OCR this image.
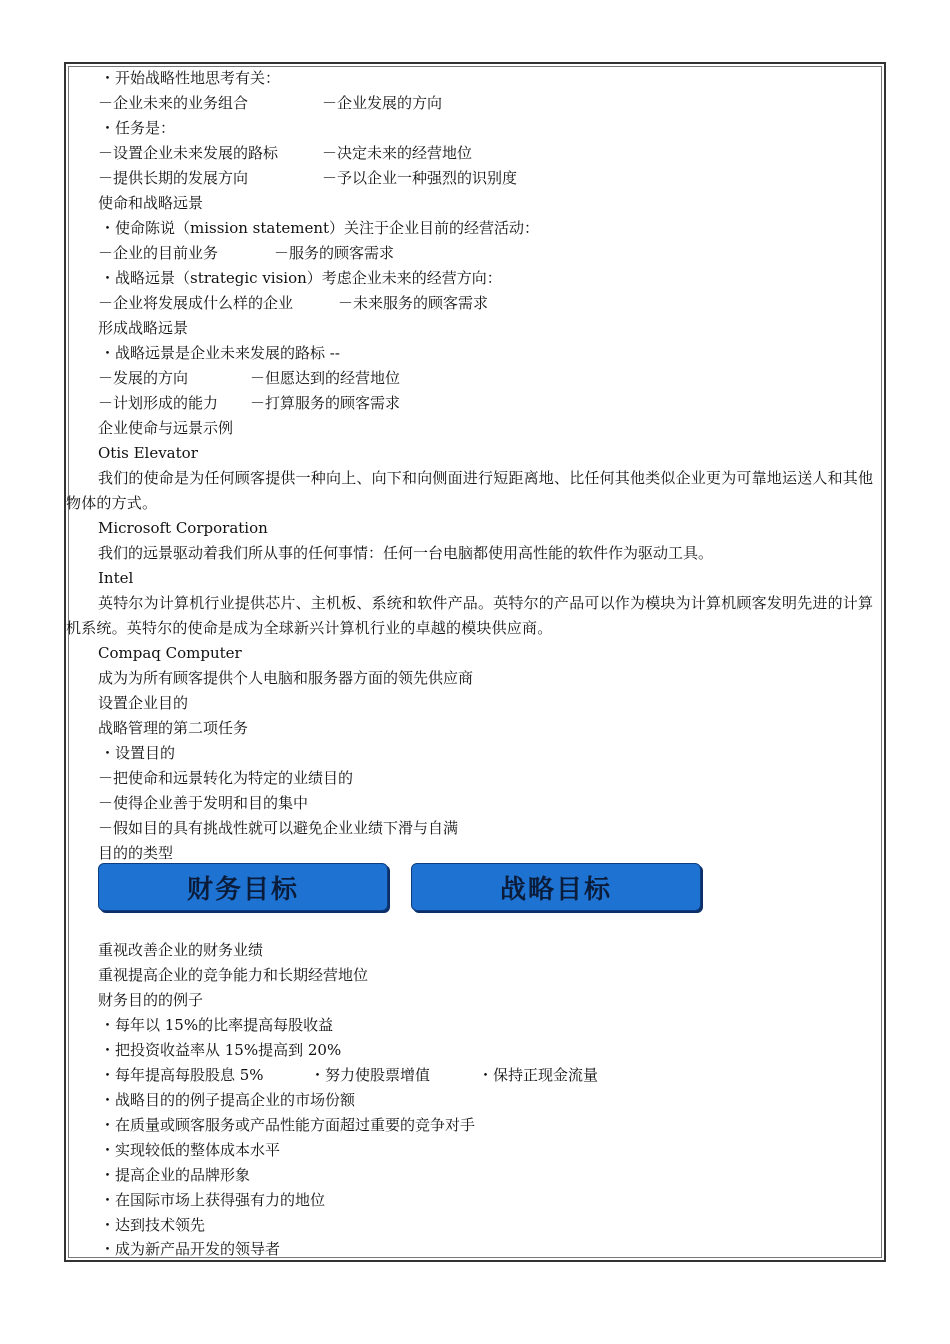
・开始战略性地思考有关：
－企业未来的业务组合	－企业发展的方向
・任务是：
－设置企业未来发展的路标	－决定未来的经营地位
－提供长期的发展方向	－予以企业一种强烈的识别度
使命和战略远景
・使命陈说（mission statement）关注于企业目前的经营活动：
－企业的目前业务	－服务的顾客需求
・战略远景（strategic vision）考虑企业未来的经营方向：
－企业将发展成什么样的企业	－未来服务的顾客需求
形成战略远景
・战略远景是企业未来发展的路标 --
－发展的方向	－但愿达到的经营地位
－计划形成的能力 －打算服务的顾客需求
企业使命与远景示例
Otis Elevator
我们的使命是为任何顾客提供一种向上、向下和向侧面进行短距离地、比任何其他类似企业更为可靠地运送人和其他物体的方式。
Microsoft Corporation
我们的远景驱动着我们所从事的任何事情：任何一台电脑都使用高性能的软件作为驱动工具。
Intel
英特尔为计算机行业提供芯片、主机板、系统和软件产品。英特尔的产品可以作为模块为计算机顾客发明先进的计算机系统。英特尔的使命是成为全球新兴计算机行业的卓越的模块供应商。
Compaq Computer
成为为所有顾客提供个人电脑和服务器方面的领先供应商
设置企业目的
战略管理的第二项任务
・设置目的
－把使命和远景转化为特定的业绩目的
－使得企业善于发明和目的集中
－假如目的具有挑战性就可以避免企业业绩下滑与自满
目的的类型
财务目标	战略目标
重视改善企业的财务业绩
重视提高企业的竞争能力和长期经营地位
财务目的的例子
・每年以 15%的比率提高每股收益
・把投资收益率从 15%提高到 20%
・每年提高每股股息 5%	・努力使股票增值	・保持正现金流量
・战略目的的例子提高企业的市场份额
・在质量或顾客服务或产品性能方面超过重要的竞争对手
・实现较低的整体成本水平
・提高企业的品牌形象
・在国际市场上获得强有力的地位
・达到技术领先
・成为新产品开发的领导者
